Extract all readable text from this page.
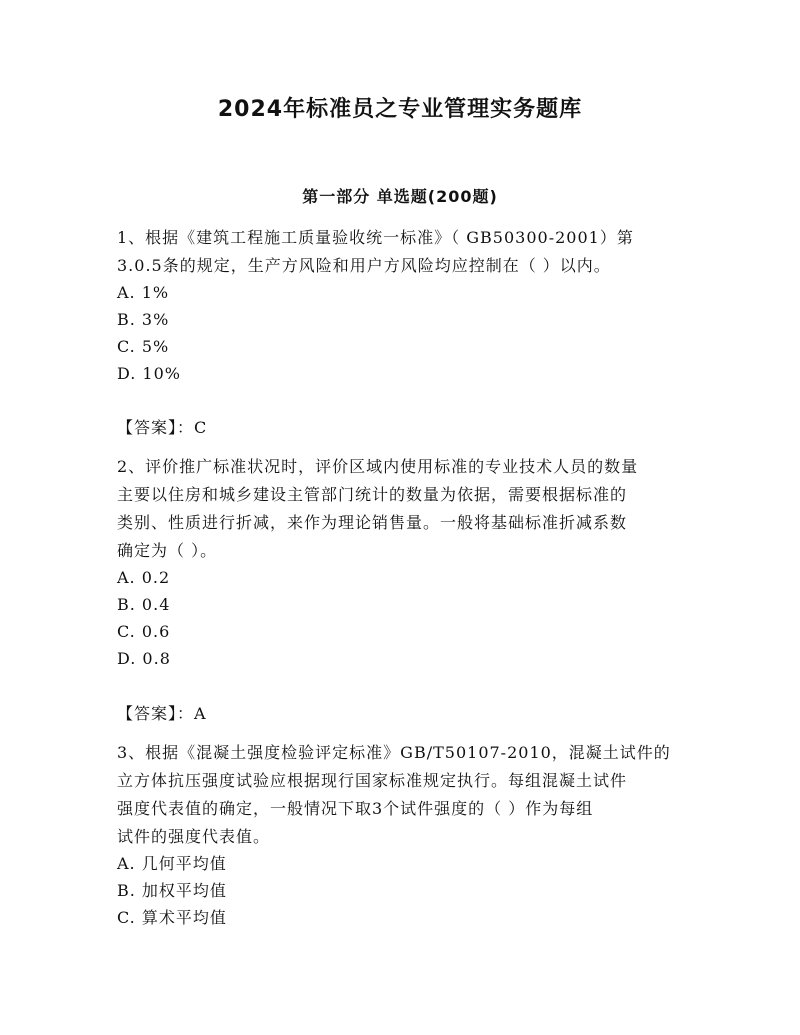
2024年标准员之专业管理实务题库
第一部分 单选题(200题)
1、根据《建筑工程施工质量验收统一标准》（ GB50300-2001）第
3.0.5条的规定，生产方风险和用户方风险均应控制在（ ）以内。
A. 1%
B. 3%
C. 5%
D. 10%
【答案】：C
2、评价推广标准状况时，评价区域内使用标准的专业技术人员的数量
主要以住房和城乡建设主管部门统计的数量为依据，需要根据标准的
类别、性质进行折减，来作为理论销售量。一般将基础标准折减系数
确定为（ ）。
A. 0.2
B. 0.4
C. 0.6
D. 0.8
【答案】：A
3、根据《混凝土强度检验评定标准》GB/T50107-2010，混凝土试件的
立方体抗压强度试验应根据现行国家标准规定执行。每组混凝土试件
强度代表值的确定，一般情况下取3个试件强度的（ ）作为每组
试件的强度代表值。
A. 几何平均值
B. 加权平均值
C. 算术平均值
